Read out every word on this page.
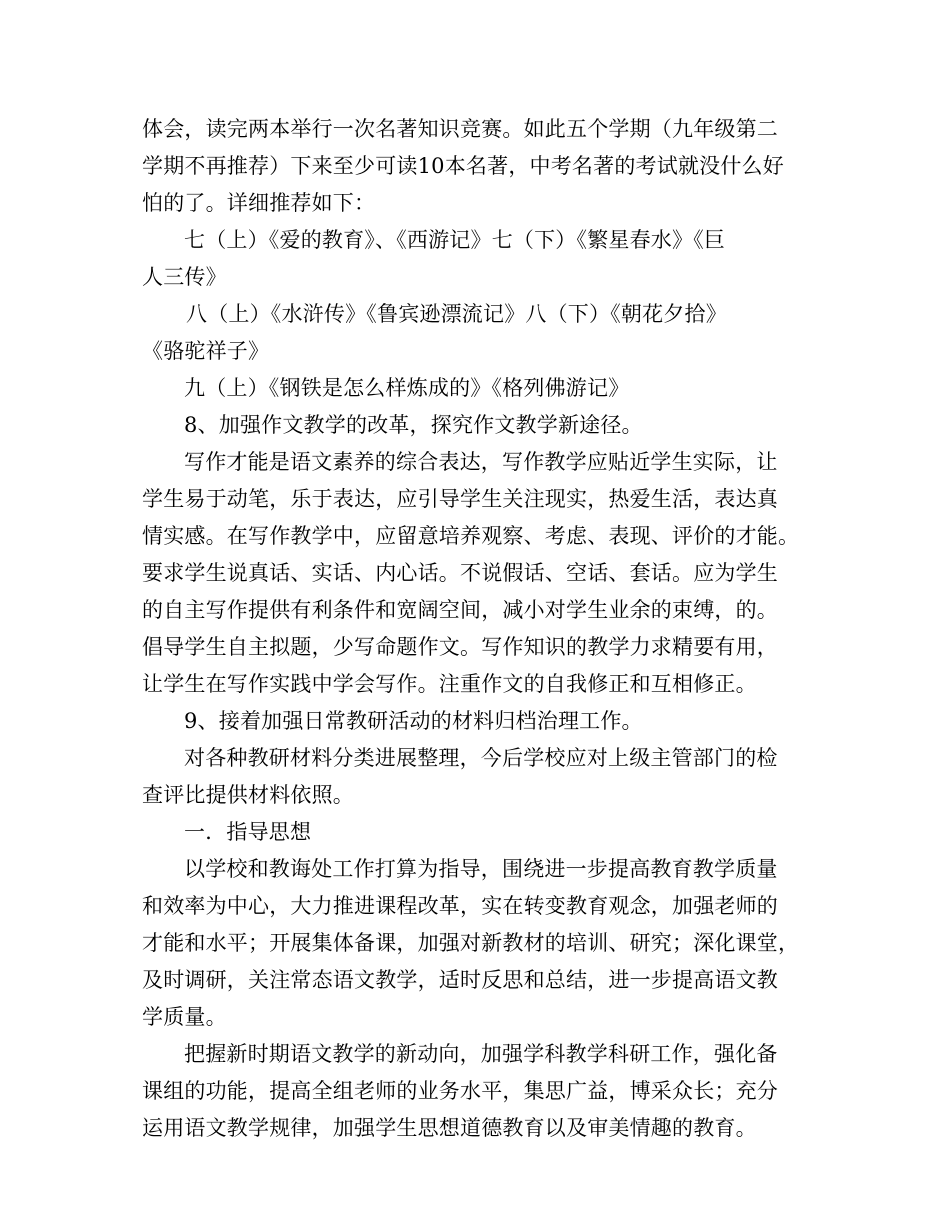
体会，读完两本举行一次名著知识竞赛。如此五个学期（九年级第二
学期不再推荐）下来至少可读10本名著，中考名著的考试就没什么好
怕的了。详细推荐如下：
七（上）《爱的教育》、《西游记》七（下）《繁星春水》《巨
人三传》
八（上）《水浒传》《鲁宾逊漂流记》八（下）《朝花夕拾》
《骆驼祥子》
九（上）《钢铁是怎么样炼成的》《格列佛游记》
8、加强作文教学的改革，探究作文教学新途径。
写作才能是语文素养的综合表达，写作教学应贴近学生实际，让
学生易于动笔，乐于表达，应引导学生关注现实，热爱生活，表达真
情实感。在写作教学中，应留意培养观察、考虑、表现、评价的才能。
要求学生说真话、实话、内心话。不说假话、空话、套话。应为学生
的自主写作提供有利条件和宽阔空间，减小对学生业余的束缚，的。
倡导学生自主拟题，少写命题作文。写作知识的教学力求精要有用，
让学生在写作实践中学会写作。注重作文的自我修正和互相修正。
9、接着加强日常教研活动的材料归档治理工作。
对各种教研材料分类进展整理，今后学校应对上级主管部门的检
查评比提供材料依照。
一．指导思想
以学校和教诲处工作打算为指导，围绕进一步提高教育教学质量
和效率为中心，大力推进课程改革，实在转变教育观念，加强老师的
才能和水平；开展集体备课，加强对新教材的培训、研究；深化课堂，
及时调研，关注常态语文教学，适时反思和总结，进一步提高语文教
学质量。
把握新时期语文教学的新动向，加强学科教学科研工作，强化备
课组的功能，提高全组老师的业务水平，集思广益，博采众长；充分
运用语文教学规律，加强学生思想道德教育以及审美情趣的教育。
